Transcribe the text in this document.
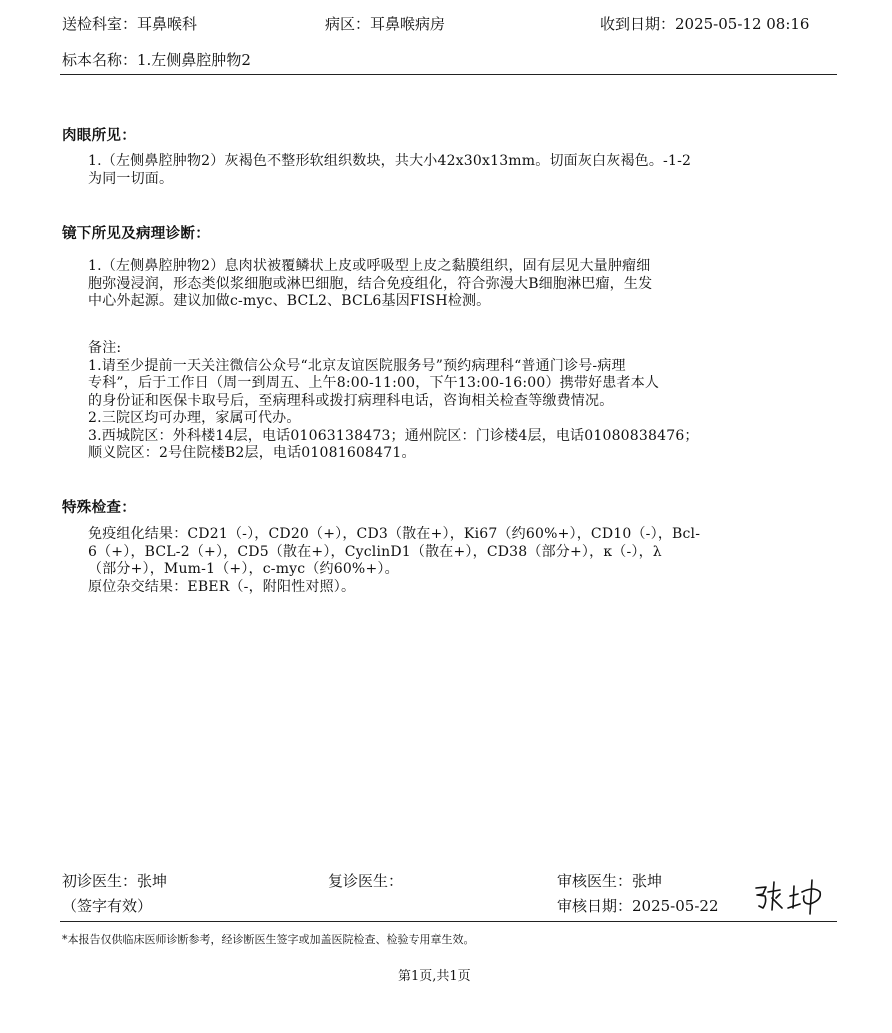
送检科室：耳鼻喉科	病区：耳鼻喉病房	收到日期：2025-05-12 08:16
标本名称：1.左侧鼻腔肿物2
肉眼所见：
1.（左侧鼻腔肿物2）灰褐色不整形软组织数块，共大小42x30x13mm。切面灰白灰褐色。-1-2
为同一切面。
镜下所见及病理诊断：
1.（左侧鼻腔肿物2）息肉状被覆鳞状上皮或呼吸型上皮之黏膜组织，固有层见大量肿瘤细
胞弥漫浸润，形态类似浆细胞或淋巴细胞，结合免疫组化，符合弥漫大B细胞淋巴瘤，生发
中心外起源。建议加做c-myc、BCL2、BCL6基因FISH检测。
备注:
1.请至少提前一天关注微信公众号“北京友谊医院服务号”预约病理科“普通门诊号-病理
专科”，后于工作日（周一到周五、上午8:00-11:00，下午13:00-16:00）携带好患者本人
的身份证和医保卡取号后，至病理科或拨打病理科电话，咨询相关检查等缴费情况。
2.三院区均可办理，家属可代办。
3.西城院区：外科楼14层，电话01063138473；通州院区：门诊楼4层，电话01080838476；
顺义院区：2号住院楼B2层，电话01081608471。
特殊检查：
免疫组化结果：CD21（-），CD20（+），CD3（散在+），Ki67（约60%+），CD10（-），Bcl-
6（+），BCL-2（+），CD5（散在+），CyclinD1（散在+），CD38（部分+），κ（-），λ
（部分+），Mum-1（+），c-myc（约60%+）。
原位杂交结果：EBER（-，附阳性对照）。
初诊医生：张坤
（签字有效）
复诊医生：	审核医生：张坤
审核日期：2025-05-22
*本报告仅供临床医师诊断参考，经诊断医生签字或加盖医院检查、检验专用章生效。
第1页,共1页
